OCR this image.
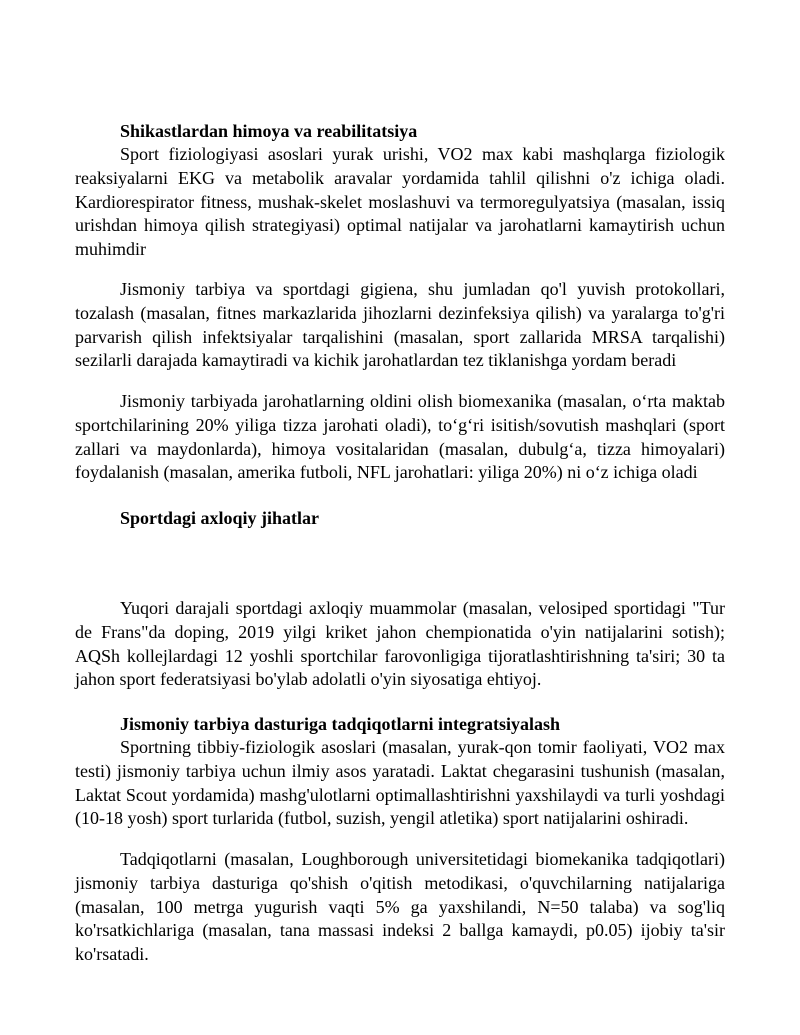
Shikastlardan himoya va reabilitatsiya
Sport fiziologiyasi asoslari yurak urishi, VO2 max kabi mashqlarga fiziologik
reaksiyalarni EKG va metabolik aravalar yordamida tahlil qilishni o'z ichiga oladi.
Kardiorespirator fitness, mushak-skelet moslashuvi va termoregulyatsiya (masalan, issiq
urishdan himoya qilish strategiyasi) optimal natijalar va jarohatlarni kamaytirish uchun
muhimdir
Jismoniy tarbiya va sportdagi gigiena, shu jumladan qo'l yuvish protokollari,
tozalash (masalan, fitnes markazlarida jihozlarni dezinfeksiya qilish) va yaralarga to'g'ri
parvarish qilish infektsiyalar tarqalishini (masalan, sport zallarida MRSA tarqalishi)
sezilarli darajada kamaytiradi va kichik jarohatlardan tez tiklanishga yordam beradi
Jismoniy tarbiyada jarohatlarning oldini olish biomexanika (masalan, o‘rta maktab
sportchilarining 20% yiliga tizza jarohati oladi), to‘g‘ri isitish/sovutish mashqlari (sport
zallari va maydonlarda), himoya vositalaridan (masalan, dubulg‘a, tizza himoyalari)
foydalanish (masalan, amerika futboli, NFL jarohatlari: yiliga 20%) ni o‘z ichiga oladi
Sportdagi axloqiy jihatlar
Yuqori darajali sportdagi axloqiy muammolar (masalan, velosiped sportidagi "Tur
de Frans"da doping, 2019 yilgi kriket jahon chempionatida o'yin natijalarini sotish);
AQSh kollejlardagi 12 yoshli sportchilar farovonligiga tijoratlashtirishning ta'siri; 30 ta
jahon sport federatsiyasi bo'ylab adolatli o'yin siyosatiga ehtiyoj.
Jismoniy tarbiya dasturiga tadqiqotlarni integratsiyalash
Sportning tibbiy-fiziologik asoslari (masalan, yurak-qon tomir faoliyati, VO2 max
testi) jismoniy tarbiya uchun ilmiy asos yaratadi. Laktat chegarasini tushunish (masalan,
Laktat Scout yordamida) mashg'ulotlarni optimallashtirishni yaxshilaydi va turli yoshdagi
(10-18 yosh) sport turlarida (futbol, suzish, yengil atletika) sport natijalarini oshiradi.
Tadqiqotlarni (masalan, Loughborough universitetidagi biomekanika tadqiqotlari)
jismoniy tarbiya dasturiga qo'shish o'qitish metodikasi, o'quvchilarning natijalariga
(masalan, 100 metrga yugurish vaqti 5% ga yaxshilandi, N=50 talaba) va sog'liq
ko'rsatkichlariga (masalan, tana massasi indeksi 2 ballga kamaydi, p0.05) ijobiy ta'sir
ko'rsatadi.
